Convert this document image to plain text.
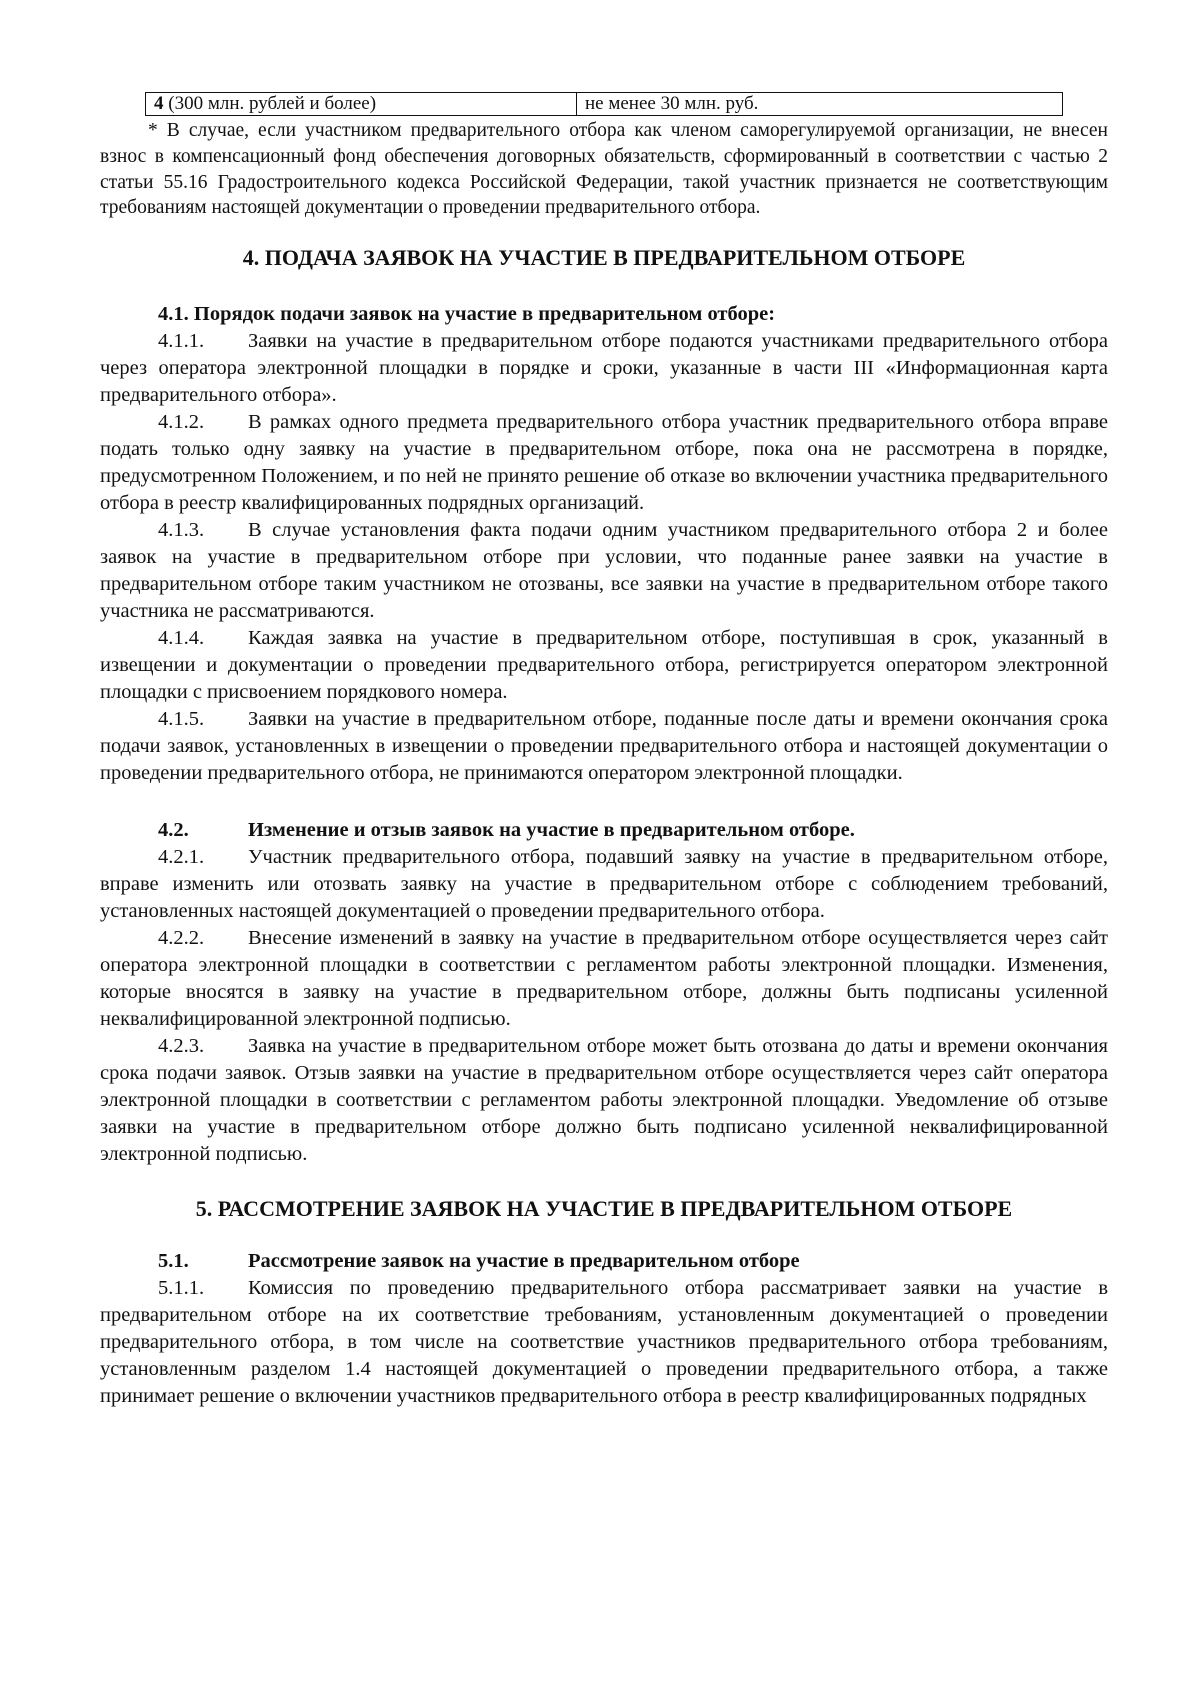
4 (300 млн. рублей и более)	не менее 30 млн. руб.

* В случае, если участником предварительного отбора как членом саморегулируемой организации, не внесен взнос в компенсационный фонд обеспечения договорных обязательств, сформированный в соответствии с частью 2 статьи 55.16 Градостроительного кодекса Российской Федерации, такой участник признается не соответствующим требованиям настоящей документации о проведении предварительного отбора.

4. ПОДАЧА ЗАЯВОК НА УЧАСТИЕ В ПРЕДВАРИТЕЛЬНОМ ОТБОРЕ

4.1. Порядок подачи заявок на участие в предварительном отборе:

4.1.1. Заявки на участие в предварительном отборе подаются участниками предварительного отбора через оператора электронной площадки в порядке и сроки, указанные в части III «Информационная карта предварительного отбора».

4.1.2. В рамках одного предмета предварительного отбора участник предварительного отбора вправе подать только одну заявку на участие в предварительном отборе, пока она не рассмотрена в порядке, предусмотренном Положением, и по ней не принято решение об отказе во включении участника предварительного отбора в реестр квалифицированных подрядных организаций.

4.1.3. В случае установления факта подачи одним участником предварительного отбора 2 и более заявок на участие в предварительном отборе при условии, что поданные ранее заявки на участие в предварительном отборе таким участником не отозваны, все заявки на участие в предварительном отборе такого участника не рассматриваются.

4.1.4. Каждая заявка на участие в предварительном отборе, поступившая в срок, указанный в извещении и документации о проведении предварительного отбора, регистрируется оператором электронной площадки с присвоением порядкового номера.

4.1.5. Заявки на участие в предварительном отборе, поданные после даты и времени окончания срока подачи заявок, установленных в извещении о проведении предварительного отбора и настоящей документации о проведении предварительного отбора, не принимаются оператором электронной площадки.

4.2.	Изменение и отзыв заявок на участие в предварительном отборе.

4.2.1. Участник предварительного отбора, подавший заявку на участие в предварительном отборе, вправе изменить или отозвать заявку на участие в предварительном отборе с соблюдением требований, установленных настоящей документацией о проведении предварительного отбора.

4.2.2. Внесение изменений в заявку на участие в предварительном отборе осуществляется через сайт оператора электронной площадки в соответствии с регламентом работы электронной площадки. Изменения, которые вносятся в заявку на участие в предварительном отборе, должны быть подписаны усиленной неквалифицированной электронной подписью.

4.2.3. Заявка на участие в предварительном отборе может быть отозвана до даты и времени окончания срока подачи заявок. Отзыв заявки на участие в предварительном отборе осуществляется через сайт оператора электронной площадки в соответствии с регламентом работы электронной площадки. Уведомление об отзыве заявки на участие в предварительном отборе должно быть подписано усиленной неквалифицированной электронной подписью.

5. РАССМОТРЕНИЕ ЗАЯВОК НА УЧАСТИЕ В ПРЕДВАРИТЕЛЬНОМ ОТБОРЕ

5.1.	Рассмотрение заявок на участие в предварительном отборе

5.1.1. Комиссия по проведению предварительного отбора рассматривает заявки на участие в предварительном отборе на их соответствие требованиям, установленным документацией о проведении предварительного отбора, в том числе на соответствие участников предварительного отбора требованиям, установленным разделом 1.4 настоящей документацией о проведении предварительного отбора, а также принимает решение о включении участников предварительного отбора в реестр квалифицированных подрядных
